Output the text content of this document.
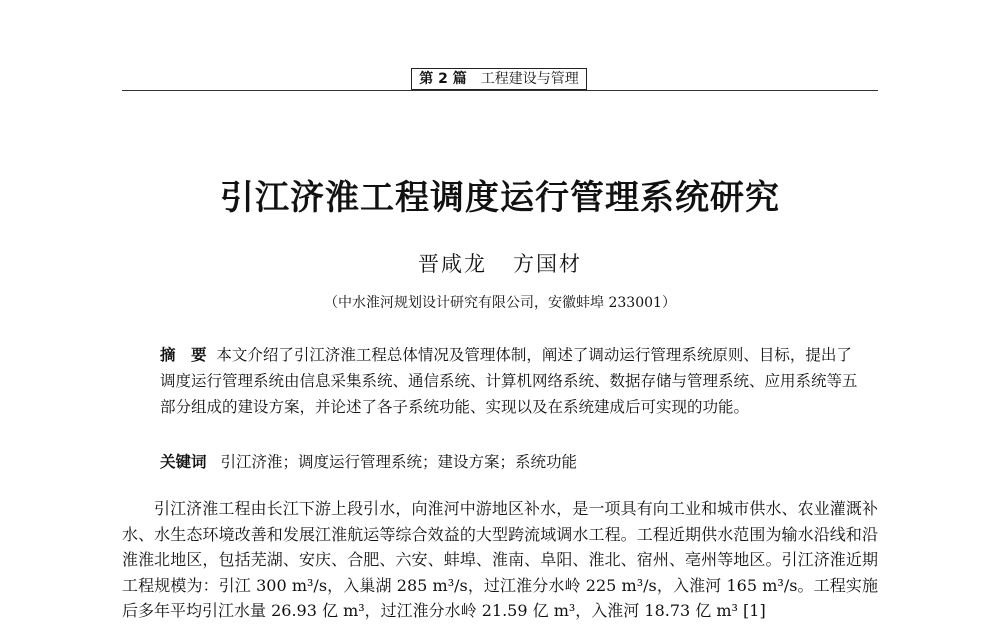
第 2 篇 工程建设与管理
引江济淮工程调度运行管理系统研究
晋咸龙 方国材
（中水淮河规划设计研究有限公司，安徽蚌埠 233001）
摘　要 本文介绍了引江济淮工程总体情况及管理体制，阐述了调动运行管理系统原则、目标，提出了调度运行管理系统由信息采集系统、通信系统、计算机网络系统、数据存储与管理系统、应用系统等五部分组成的建设方案，并论述了各子系统功能、实现以及在系统建成后可实现的功能。
关键词 引江济淮；调度运行管理系统；建设方案；系统功能
引江济淮工程由长江下游上段引水，向淮河中游地区补水，是一项具有向工业和城市供水、农业灌溉补水、水生态环境改善和发展江淮航运等综合效益的大型跨流域调水工程。工程近期供水范围为输水沿线和沿淮淮北地区，包括芜湖、安庆、合肥、六安、蚌埠、淮南、阜阳、淮北、宿州、亳州等地区。引江济淮近期工程规模为：引江 300 m³/s，入巢湖 285 m³/s，过江淮分水岭 225 m³/s，入淮河 165 m³/s。工程实施后多年平均引江水量 26.93 亿 m³，过江淮分水岭 21.59 亿 m³，入淮河 18.73 亿 m³ [1]
